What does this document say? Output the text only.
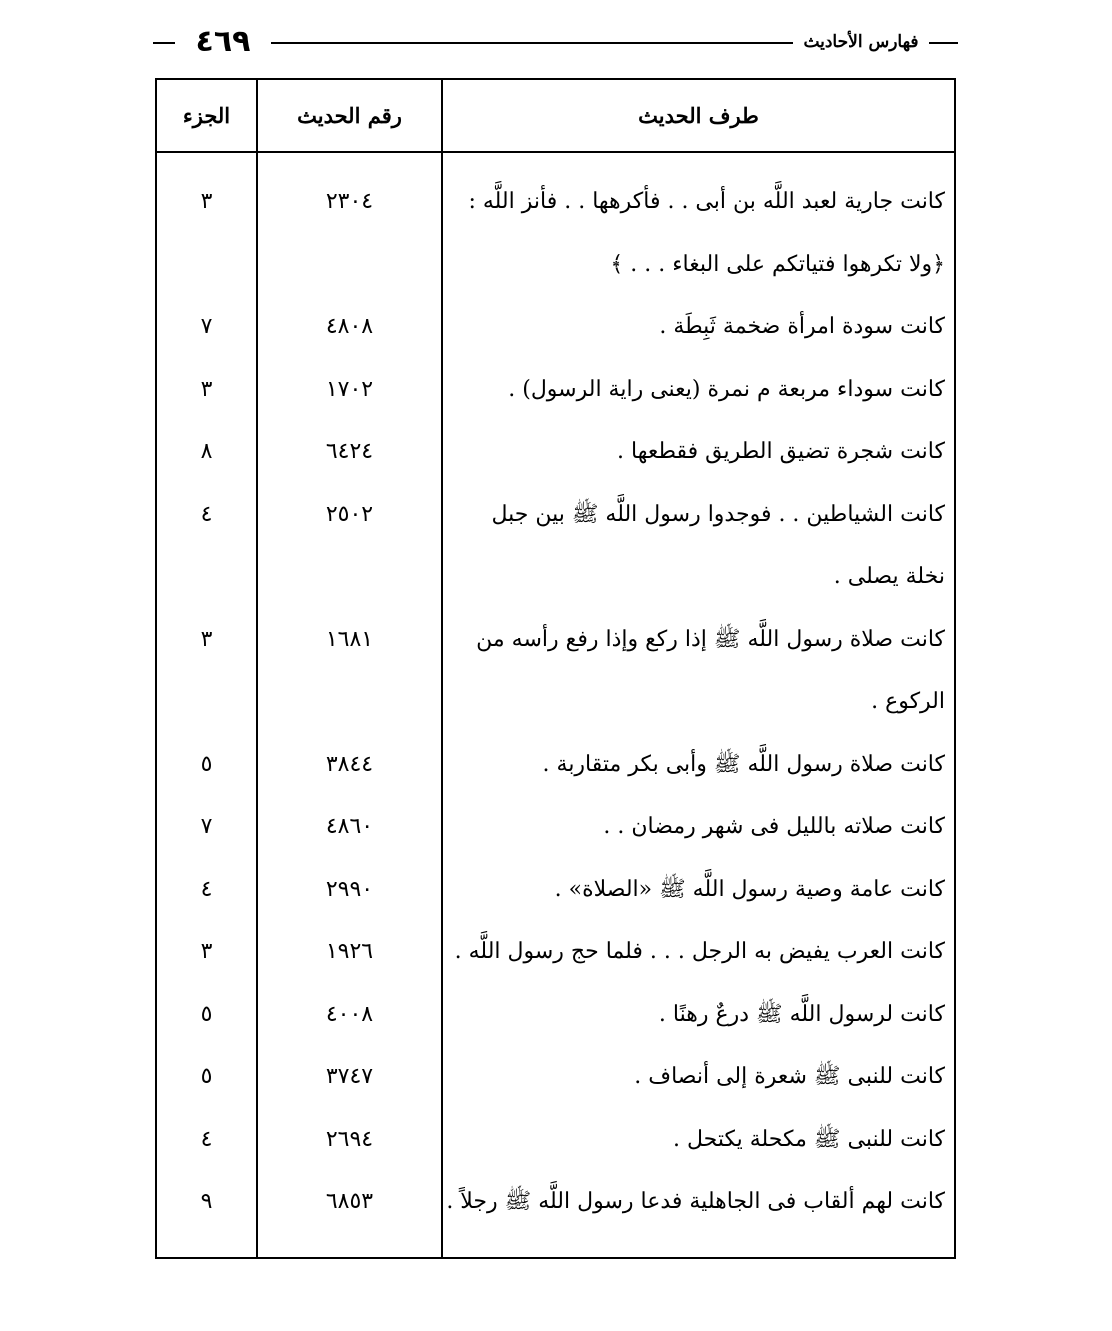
٤٦٩	فهارس الأحاديث
الجزء	رقم الحديث	طرف الحديث
٣	٢٣٠٤	كانت جارية لعبد اللَّه بن أبى . . فأكرهها . . فأنز اللَّه :
﴿ولا تكرهوا فتياتكم على البغاء . . . ﴾
٧	٤٨٠٨	كانت سودة امرأة ضخمة ثَبِطَة .
٣	١٧٠٢	كانت سوداء مربعة م نمرة (يعنى راية الرسول) .
٨	٦٤٢٤	كانت شجرة تضيق الطريق فقطعها .
٤	٢٥٠٢	كانت الشياطين . . فوجدوا رسول اللَّه ﷺ بين جبل
نخلة يصلى .
٣	١٦٨١	كانت صلاة رسول اللَّه ﷺ إذا ركع وإذا رفع رأسه من
الركوع .
٥	٣٨٤٤	كانت صلاة رسول اللَّه ﷺ وأبى بكر متقاربة .
٧	٤٨٦٠	كانت صلاته بالليل فى شهر رمضان . .
٤	٢٩٩٠	كانت عامة وصية رسول اللَّه ﷺ «الصلاة» .
٣	١٩٢٦	كانت العرب يفيض به الرجل . . . فلما حج رسول اللَّه .
٥	٤٠٠٨	كانت لرسول اللَّه ﷺ درعٌ رهنًا .
٥	٣٧٤٧	كانت للنبى ﷺ شعرة إلى أنصاف .
٤	٢٦٩٤	كانت للنبى ﷺ مكحلة يكتحل .
٩	٦٨٥٣	كانت لهم ألقاب فى الجاهلية فدعا رسول اللَّه ﷺ رجلاً .
